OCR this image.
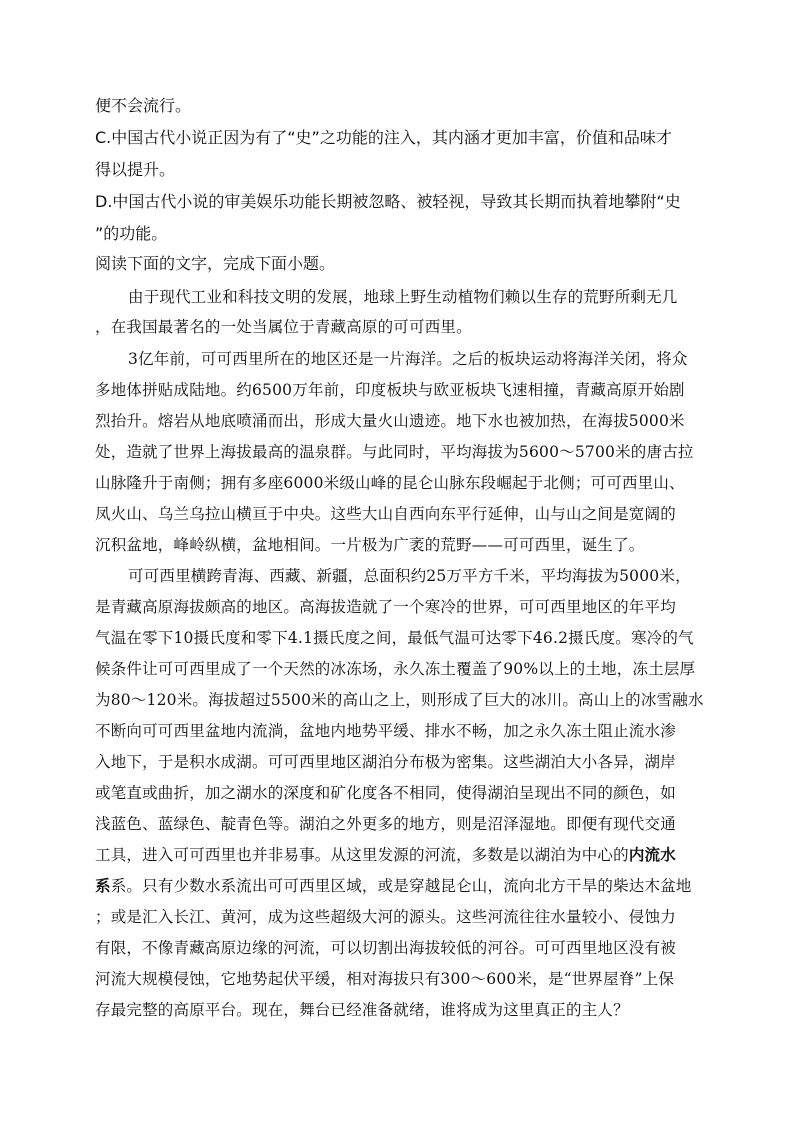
便不会流行。
C.中国古代小说正因为有了“史”之功能的注入，其内涵才更加丰富，价值和品味才
得以提升。
D.中国古代小说的审美娱乐功能长期被忽略、被轻视，导致其长期而执着地攀附“史
”的功能。
阅读下面的文字，完成下面小题。
由于现代工业和科技文明的发展，地球上野生动植物们赖以生存的荒野所剩无几
，在我国最著名的一处当属位于青藏高原的可可西里。
3亿年前，可可西里所在的地区还是一片海洋。之后的板块运动将海洋关闭，将众
多地体拼贴成陆地。约6500万年前，印度板块与欧亚板块飞速相撞，青藏高原开始剧
烈抬升。熔岩从地底喷涌而出，形成大量火山遗迹。地下水也被加热，在海拔5000米
处，造就了世界上海拔最高的温泉群。与此同时，平均海拔为5600～5700米的唐古拉
山脉隆升于南侧；拥有多座6000米级山峰的昆仑山脉东段崛起于北侧；可可西里山、
凤火山、乌兰乌拉山横亘于中央。这些大山自西向东平行延伸，山与山之间是宽阔的
沉积盆地，峰岭纵横，盆地相间。一片极为广袤的荒野——可可西里，诞生了。
可可西里横跨青海、西藏、新疆，总面积约25万平方千米，平均海拔为5000米，
是青藏高原海拔颇高的地区。高海拔造就了一个寒冷的世界，可可西里地区的年平均
气温在零下10摄氏度和零下4.1摄氏度之间，最低气温可达零下46.2摄氏度。寒冷的气
候条件让可可西里成了一个天然的冰冻场，永久冻土覆盖了90%以上的土地，冻土层厚
为80～120米。海拔超过5500米的高山之上，则形成了巨大的冰川。高山上的冰雪融水
不断向可可西里盆地内流淌，盆地内地势平缓、排水不畅，加之永久冻土阻止流水渗
入地下，于是积水成湖。可可西里地区湖泊分布极为密集。这些湖泊大小各异，湖岸
或笔直或曲折，加之湖水的深度和矿化度各不相同，使得湖泊呈现出不同的颜色，如
浅蓝色、蓝绿色、靛青色等。湖泊之外更多的地方，则是沼泽湿地。即便有现代交通
工具，进入可可西里也并非易事。从这里发源的河流，多数是以湖泊为中心的内流水
系系。只有少数水系流出可可西里区域，或是穿越昆仑山，流向北方干旱的柴达木盆地
；或是汇入长江、黄河，成为这些超级大河的源头。这些河流往往水量较小、侵蚀力
有限，不像青藏高原边缘的河流，可以切割出海拔较低的河谷。可可西里地区没有被
河流大规模侵蚀，它地势起伏平缓，相对海拔只有300～600米，是“世界屋脊”上保
存最完整的高原平台。现在，舞台已经准备就绪，谁将成为这里真正的主人？
